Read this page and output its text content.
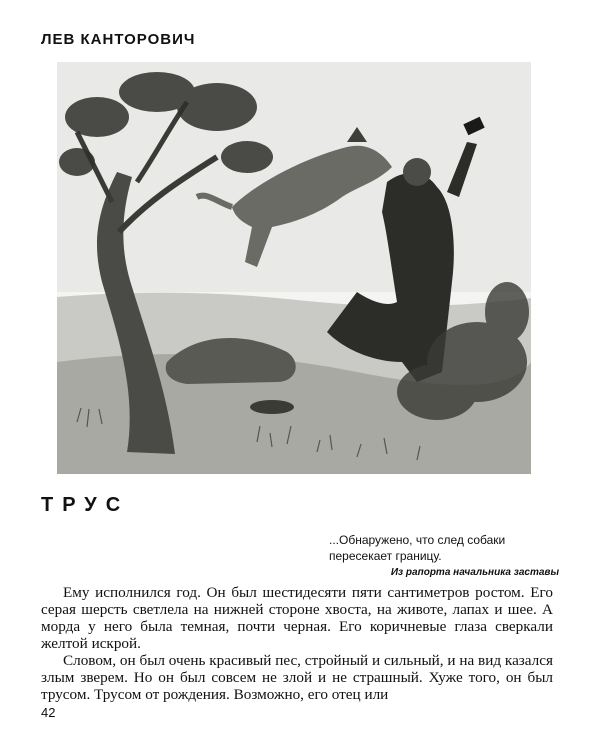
ЛЕВ КАНТОРОВИЧ
ТРУС
...Обнаружено, что след собаки пересекает границу.
Из рапорта начальника заставы

Ему исполнился год. Он был шестидесяти пяти сантиметров ростом. Его серая шерсть светлела на нижней стороне хвоста, на животе, лапах и шее. А морда у него была темная, почти черная. Его коричневые глаза сверкали желтой искрой.

Словом, он был очень красивый пес, стройный и сильный, и на вид казался злым зверем. Но он был совсем не злой и не страшный. Хуже того, он был трусом. Трусом от рождения. Возможно, его отец или

42
